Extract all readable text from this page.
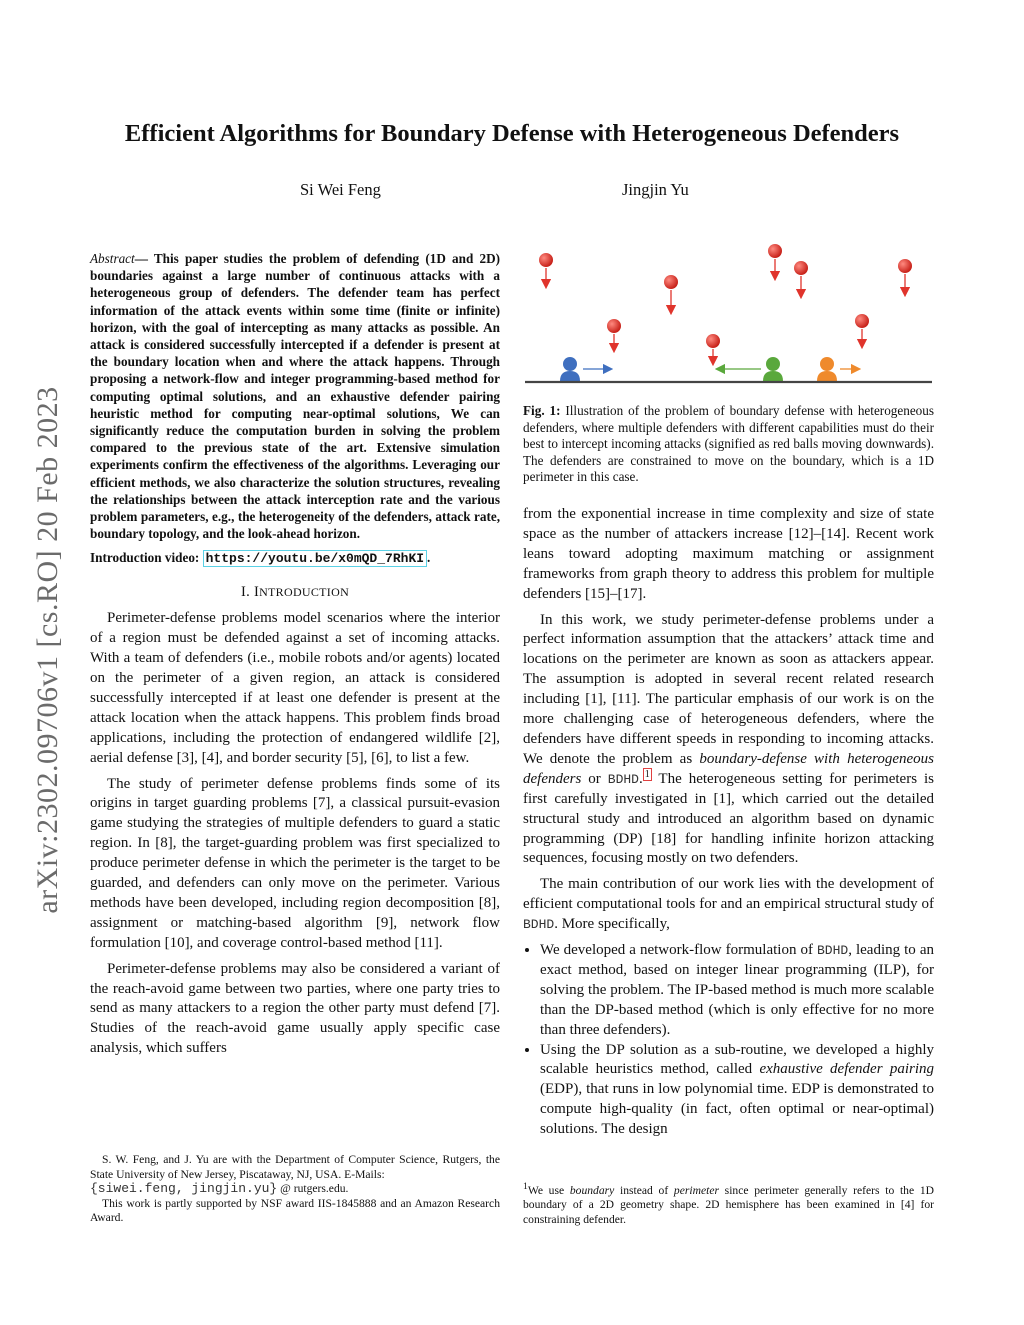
arXiv:2302.09706v1 [cs.RO] 20 Feb 2023
Efficient Algorithms for Boundary Defense with Heterogeneous Defenders
Si Wei Feng	Jingjin Yu
Abstract— This paper studies the problem of defending (1D and 2D) boundaries against a large number of continuous attacks with a heterogeneous group of defenders. The defender team has perfect information of the attack events within some time (finite or infinite) horizon, with the goal of intercepting as many attacks as possible. An attack is considered successfully intercepted if a defender is present at the boundary location when and where the attack happens. Through proposing a network-flow and integer programming-based method for computing optimal solutions, and an exhaustive defender pairing heuristic method for computing near-optimal solutions, We can significantly reduce the computation burden in solving the problem compared to the previous state of the art. Extensive simulation experiments confirm the effectiveness of the algorithms. Leveraging our efficient methods, we also characterize the solution structures, revealing the relationships between the attack interception rate and the various problem parameters, e.g., the heterogeneity of the defenders, attack rate, boundary topology, and the look-ahead horizon.
Introduction video: https://youtu.be/x0mQD_7RhKI .
I. INTRODUCTION

Perimeter-defense problems model scenarios where the interior of a region must be defended against a set of incoming attacks. With a team of defenders (i.e., mobile robots and/or agents) located on the perimeter of a given region, an attack is considered successfully intercepted if at least one defender is present at the attack location when the attack happens. This problem finds broad applications, including the protection of endangered wildlife [2], aerial defense [3], [4], and border security [5], [6], to list a few.

The study of perimeter defense problems finds some of its origins in target guarding problems [7], a classical pursuit-evasion game studying the strategies of multiple defenders to guard a static region. In [8], the target-guarding problem was first specialized to produce perimeter defense in which the perimeter is the target to be guarded, and defenders can only move on the perimeter. Various methods have been developed, including region decomposition [8], assignment or matching-based algorithm [9], network flow formulation [10], and coverage control-based method [11].

Perimeter-defense problems may also be considered a variant of the reach-avoid game between two parties, where one party tries to send as many attackers to a region the other party must defend [7]. Studies of the reach-avoid game usually apply specific case analysis, which suffers

S. W. Feng, and J. Yu are with the Department of Computer Science, Rutgers, the State University of New Jersey, Piscataway, NJ, USA. E-Mails:
{siwei.feng, jingjin.yu} @ rutgers.edu.

This work is partly supported by NSF award IIS-1845888 and an Amazon Research Award.

Fig. 1: Illustration of the problem of boundary defense with heterogeneous defenders, where multiple defenders with different capabilities must do their best to intercept incoming attacks (signified as red balls moving downwards). The defenders are constrained to move on the boundary, which is a 1D perimeter in this case.

from the exponential increase in time complexity and size of state space as the number of attackers increase [12]–[14]. Recent work leans toward adopting maximum matching or assignment frameworks from graph theory to address this problem for multiple defenders [15]–[17].

In this work, we study perimeter-defense problems under a perfect information assumption that the attackers’ attack time and locations on the perimeter are known as soon as attackers appear. The assumption is adopted in several recent related research including [1], [11]. The particular emphasis of our work is on the more challenging case of heterogeneous defenders, where the defenders have different speeds in responding to incoming attacks. We denote the problem as boundary-defense with heterogeneous defenders or BDHD. $^1$ The heterogeneous setting for perimeters is first carefully investigated in [1], which carried out the detailed structural study and introduced an algorithm based on dynamic programming (DP) [18] for handling infinite horizon attacking sequences, focusing mostly on two defenders.

The main contribution of our work lies with the development of efficient computational tools for and an empirical structural study of BDHD. More specifically,

• We developed a network-flow formulation of BDHD, leading to an exact method, based on integer linear programming (ILP), for solving the problem. The IP-based method is much more scalable than the DP-based method (which is only effective for no more than three defenders).
• Using the DP solution as a sub-routine, we developed a highly scalable heuristics method, called exhaustive defender pairing (EDP), that runs in low polynomial time. EDP is demonstrated to compute high-quality (in fact, often optimal or near-optimal) solutions. The design
$^1$We use boundary instead of perimeter since perimeter generally refers to the 1D boundary of a 2D geometry shape. 2D hemisphere has been examined in [4] for constraining defender.
